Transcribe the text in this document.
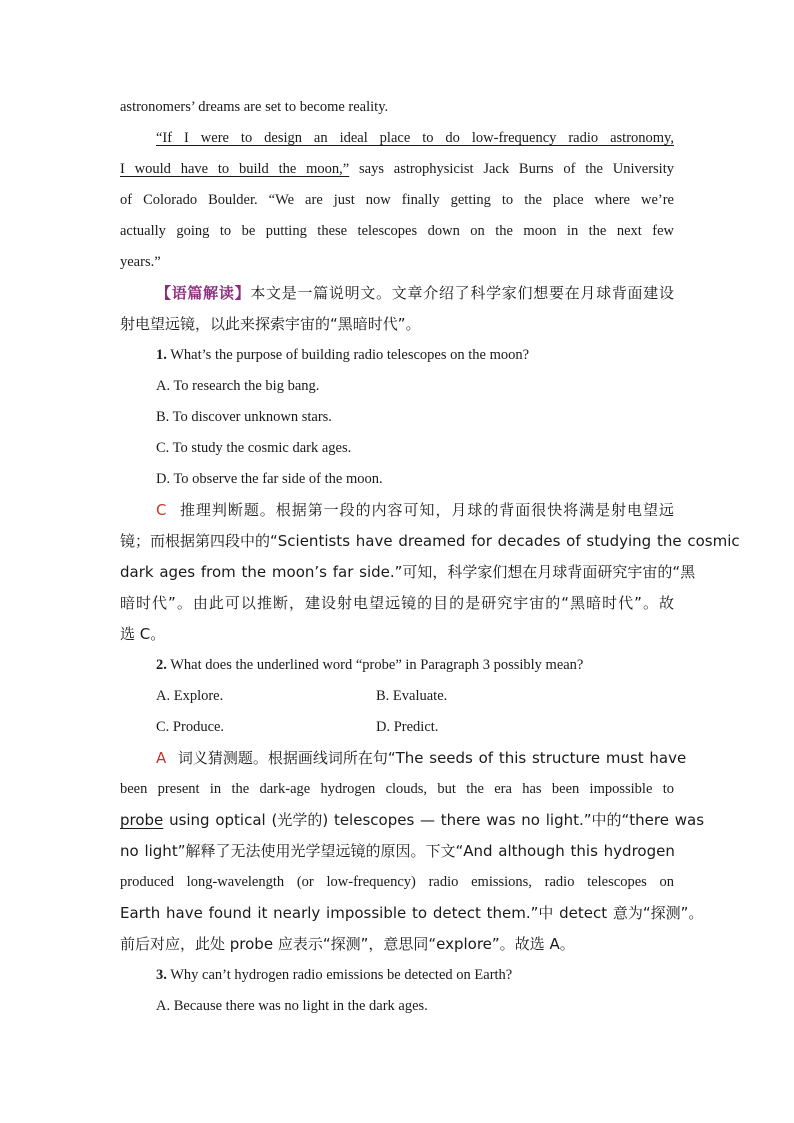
astronomers’ dreams are set to become reality.
“If I were to design an ideal place to do low-frequency radio astronomy,
I would have to build the moon,” says astrophysicist Jack Burns of the University
of Colorado Boulder. “We are just now finally getting to the place where we’re
actually going to be putting these telescopes down on the moon in the next few
years.”
【语篇解读】本文是一篇说明文。文章介绍了科学家们想要在月球背面建设
射电望远镜，以此来探索宇宙的“黑暗时代”。
1. What’s the purpose of building radio telescopes on the moon?
A. To research the big bang.
B. To discover unknown stars.
C. To study the cosmic dark ages.
D. To observe the far side of the moon.
C 推理判断题。根据第一段的内容可知，月球的背面很快将满是射电望远
镜；而根据第四段中的“Scientists have dreamed for decades of studying the cosmic
dark ages from the moon’s far side.”可知，科学家们想在月球背面研究宇宙的“黑
暗时代”。由此可以推断，建设射电望远镜的目的是研究宇宙的“黑暗时代”。故
选 C。
2. What does the underlined word “probe” in Paragraph 3 possibly mean?
A. Explore.	B. Evaluate.
C. Produce.	D. Predict.
A 词义猜测题。根据画线词所在句“The seeds of this structure must have
been present in the dark-age hydrogen clouds, but the era has been impossible to
probe using optical (光学的) telescopes — there was no light.”中的“there was
no light”解释了无法使用光学望远镜的原因。下文“And although this hydrogen
produced long-wavelength (or low-frequency) radio emissions, radio telescopes on
Earth have found it nearly impossible to detect them.”中 detect 意为“探测”。
前后对应，此处 probe 应表示“探测”，意思同“explore”。故选 A。
3. Why can’t hydrogen radio emissions be detected on Earth?
A. Because there was no light in the dark ages.
